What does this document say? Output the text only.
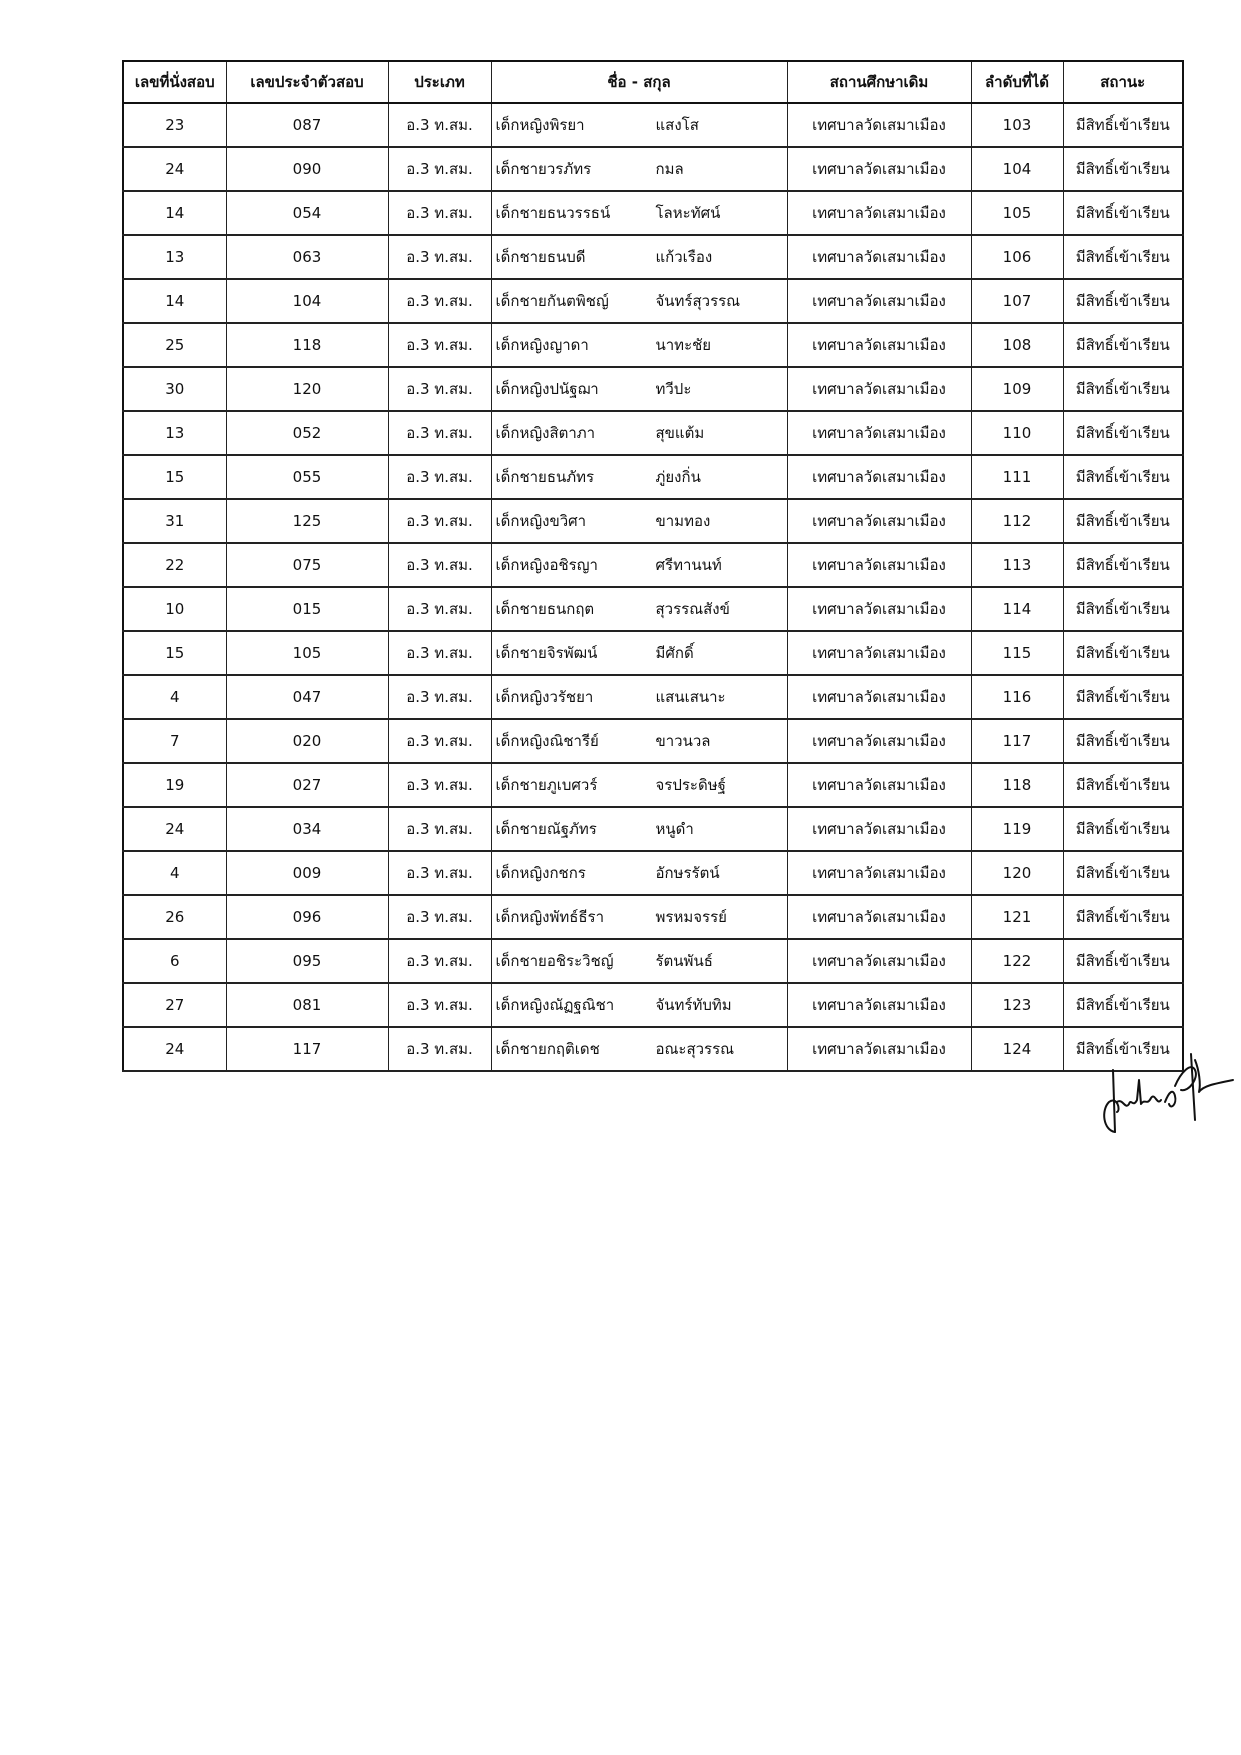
เลขที่นั่งสอบ	เลขประจำตัวสอบ	ประเภท	ชื่อ - สกุล	สถานศึกษาเดิม	ลำดับที่ได้	สถานะ
23	087	อ.3 ท.สม.	เด็กหญิงพิรยา แสงโส	เทศบาลวัดเสมาเมือง	103	มีสิทธิ์เข้าเรียน
24	090	อ.3 ท.สม.	เด็กชายวรภัทร กมล	เทศบาลวัดเสมาเมือง	104	มีสิทธิ์เข้าเรียน
14	054	อ.3 ท.สม.	เด็กชายธนวรรธน์ โลหะทัศน์	เทศบาลวัดเสมาเมือง	105	มีสิทธิ์เข้าเรียน
13	063	อ.3 ท.สม.	เด็กชายธนบดี แก้วเรือง	เทศบาลวัดเสมาเมือง	106	มีสิทธิ์เข้าเรียน
14	104	อ.3 ท.สม.	เด็กชายกันตพิชญ์ จันทร์สุวรรณ	เทศบาลวัดเสมาเมือง	107	มีสิทธิ์เข้าเรียน
25	118	อ.3 ท.สม.	เด็กหญิงญาดา นาทะชัย	เทศบาลวัดเสมาเมือง	108	มีสิทธิ์เข้าเรียน
30	120	อ.3 ท.สม.	เด็กหญิงปนัฐฌา ทวีปะ	เทศบาลวัดเสมาเมือง	109	มีสิทธิ์เข้าเรียน
13	052	อ.3 ท.สม.	เด็กหญิงสิตาภา สุขแต้ม	เทศบาลวัดเสมาเมือง	110	มีสิทธิ์เข้าเรียน
15	055	อ.3 ท.สม.	เด็กชายธนภัทร ภู่ยงกิ่น	เทศบาลวัดเสมาเมือง	111	มีสิทธิ์เข้าเรียน
31	125	อ.3 ท.สม.	เด็กหญิงขวิศา ขามทอง	เทศบาลวัดเสมาเมือง	112	มีสิทธิ์เข้าเรียน
22	075	อ.3 ท.สม.	เด็กหญิงอชิรญา ศรีทานนท์	เทศบาลวัดเสมาเมือง	113	มีสิทธิ์เข้าเรียน
10	015	อ.3 ท.สม.	เด็กชายธนกฤต สุวรรณสังข์	เทศบาลวัดเสมาเมือง	114	มีสิทธิ์เข้าเรียน
15	105	อ.3 ท.สม.	เด็กชายจิรพัฒน์ มีศักดิ์	เทศบาลวัดเสมาเมือง	115	มีสิทธิ์เข้าเรียน
4	047	อ.3 ท.สม.	เด็กหญิงวรัชยา แสนเสนาะ	เทศบาลวัดเสมาเมือง	116	มีสิทธิ์เข้าเรียน
7	020	อ.3 ท.สม.	เด็กหญิงณิชารีย์ ขาวนวล	เทศบาลวัดเสมาเมือง	117	มีสิทธิ์เข้าเรียน
19	027	อ.3 ท.สม.	เด็กชายภูเบศวร์ จรประดิษฐ์	เทศบาลวัดเสมาเมือง	118	มีสิทธิ์เข้าเรียน
24	034	อ.3 ท.สม.	เด็กชายณัฐภัทร หนูดำ	เทศบาลวัดเสมาเมือง	119	มีสิทธิ์เข้าเรียน
4	009	อ.3 ท.สม.	เด็กหญิงกชกร อักษรรัตน์	เทศบาลวัดเสมาเมือง	120	มีสิทธิ์เข้าเรียน
26	096	อ.3 ท.สม.	เด็กหญิงพัทธ์ธีรา พรหมจรรย์	เทศบาลวัดเสมาเมือง	121	มีสิทธิ์เข้าเรียน
6	095	อ.3 ท.สม.	เด็กชายอชิระวิชญ์ รัตนพันธ์	เทศบาลวัดเสมาเมือง	122	มีสิทธิ์เข้าเรียน
27	081	อ.3 ท.สม.	เด็กหญิงณัฏฐณิชา จันทร์ทับทิม	เทศบาลวัดเสมาเมือง	123	มีสิทธิ์เข้าเรียน
24	117	อ.3 ท.สม.	เด็กชายกฤติเดช อณะสุวรรณ	เทศบาลวัดเสมาเมือง	124	มีสิทธิ์เข้าเรียน
